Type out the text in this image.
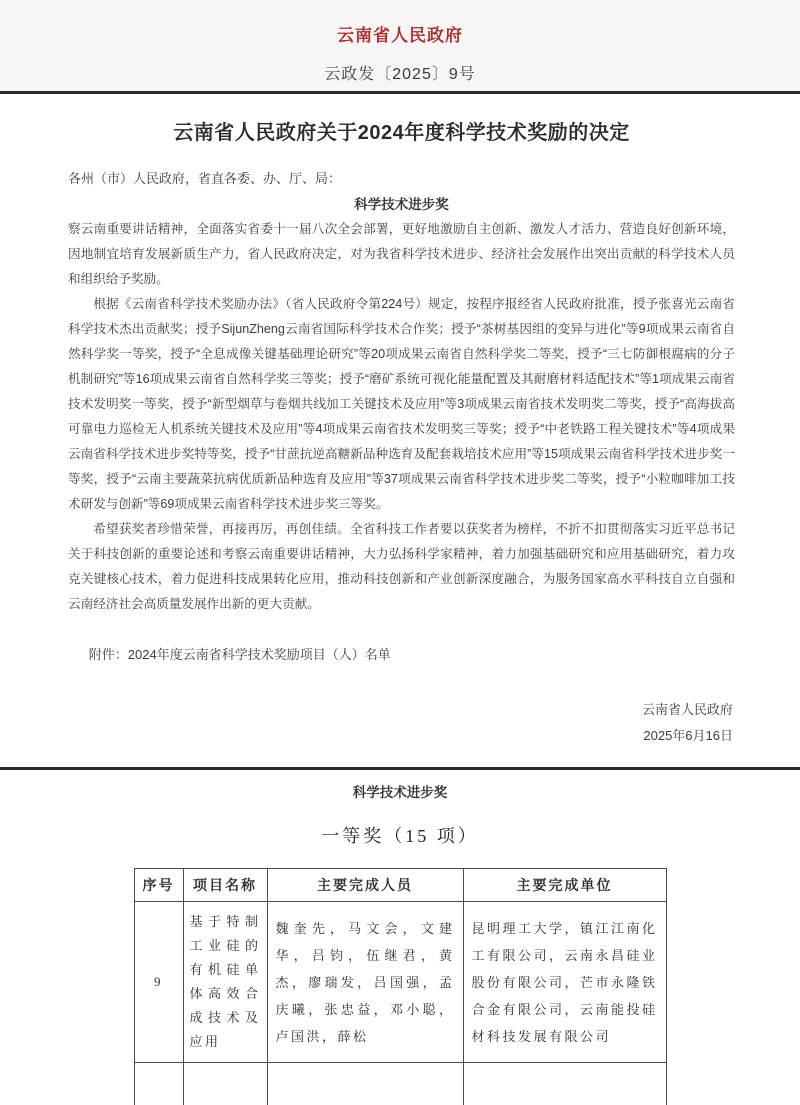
云南省人民政府
云政发〔2025〕9号
云南省人民政府关于2024年度科学技术奖励的决定

各州（市）人民政府，省直各委、办、厅、局：

科学技术进步奖

察云南重要讲话精神，全面落实省委十一届八次全会部署，更好地激励自主创新、激发人才活力、营造良好创新环境，因地制宜培育发展新质生产力，省人民政府决定，对为我省科学技术进步、经济社会发展作出突出贡献的科学技术人员和组织给予奖励。

根据《云南省科学技术奖励办法》（省人民政府令第224号）规定，按程序报经省人民政府批准，授予张喜光云南省科学技术杰出贡献奖；授予SijunZheng云南省国际科学技术合作奖；授予“茶树基因组的变异与进化”等9项成果云南省自然科学奖一等奖，授予“全息成像关键基础理论研究”等20项成果云南省自然科学奖二等奖，授予“三七防御根腐病的分子机制研究”等16项成果云南省自然科学奖三等奖；授予“磨矿系统可视化能量配置及其耐磨材料适配技术”等1项成果云南省技术发明奖一等奖，授予“新型烟草与卷烟共线加工关键技术及应用”等3项成果云南省技术发明奖二等奖，授予“高海拔高可靠电力巡检无人机系统关键技术及应用”等4项成果云南省技术发明奖三等奖；授予“中老铁路工程关键技术”等4项成果云南省科学技术进步奖特等奖，授予“甘蔗抗逆高糖新品种选育及配套栽培技术应用”等15项成果云南省科学技术进步奖一等奖，授予“云南主要蔬菜抗病优质新品种选育及应用”等37项成果云南省科学技术进步奖二等奖，授予“小粒咖啡加工技术研发与创新”等69项成果云南省科学技术进步奖三等奖。

希望获奖者珍惜荣誉，再接再厉，再创佳绩。全省科技工作者要以获奖者为榜样，不折不扣贯彻落实习近平总书记关于科技创新的重要论述和考察云南重要讲话精神，大力弘扬科学家精神，着力加强基础研究和应用基础研究，着力攻克关键核心技术，着力促进科技成果转化应用，推动科技创新和产业创新深度融合，为服务国家高水平科技自立自强和云南经济社会高质量发展作出新的更大贡献。

附件：2024年度云南省科学技术奖励项目（人）名单

云南省人民政府
2025年6月16日
科学技术进步奖
一等奖（15 项）
序号	项目名称	主要完成人员	主要完成单位
9	基于特制工业硅的有机硅单体高效合成技术及应用	魏奎先，马文会，文建华，吕钧，伍继君，黄杰，廖瑞发，吕国强，孟庆曦，张忠益，邓小聪，卢国洪，薛松	昆明理工大学，镇江江南化工有限公司，云南永昌硅业股份有限公司，芒市永隆铁合金有限公司，云南能投硅材科技发展有限公司
